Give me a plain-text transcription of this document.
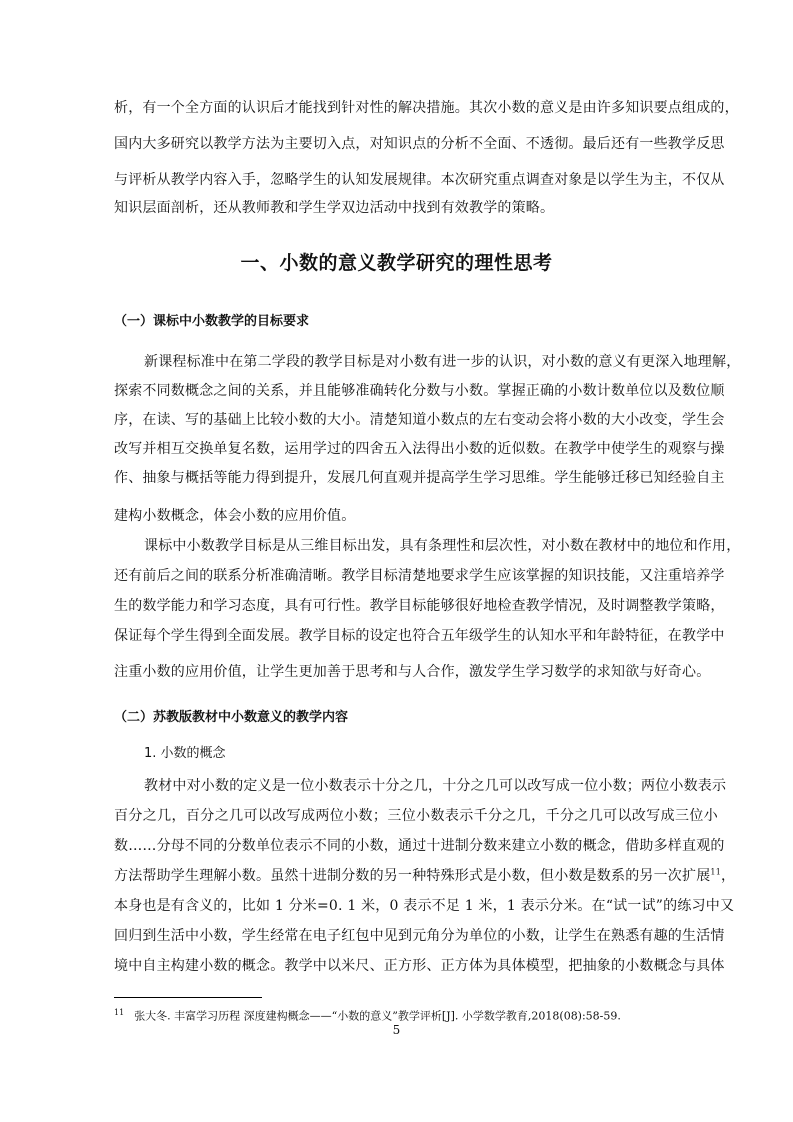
析，有一个全方面的认识后才能找到针对性的解决措施。其次小数的意义是由许多知识要点组成的，
国内大多研究以教学方法为主要切入点，对知识点的分析不全面、不透彻。最后还有一些教学反思
与评析从教学内容入手，忽略学生的认知发展规律。本次研究重点调查对象是以学生为主，不仅从
知识层面剖析，还从教师教和学生学双边活动中找到有效教学的策略。
一、小数的意义教学研究的理性思考
（一）课标中小数教学的目标要求
新课程标准中在第二学段的教学目标是对小数有进一步的认识，对小数的意义有更深入地理解，
探索不同数概念之间的关系，并且能够准确转化分数与小数。掌握正确的小数计数单位以及数位顺
序，在读、写的基础上比较小数的大小。清楚知道小数点的左右变动会将小数的大小改变，学生会
改写并相互交换单复名数，运用学过的四舍五入法得出小数的近似数。在教学中使学生的观察与操
作、抽象与概括等能力得到提升，发展几何直观并提高学生学习思维。学生能够迁移已知经验自主
建构小数概念，体会小数的应用价值。
课标中小数教学目标是从三维目标出发，具有条理性和层次性，对小数在教材中的地位和作用，
还有前后之间的联系分析准确清晰。教学目标清楚地要求学生应该掌握的知识技能，又注重培养学
生的数学能力和学习态度，具有可行性。教学目标能够很好地检查教学情况，及时调整教学策略，
保证每个学生得到全面发展。教学目标的设定也符合五年级学生的认知水平和年龄特征，在教学中
注重小数的应用价值，让学生更加善于思考和与人合作，激发学生学习数学的求知欲与好奇心。
（二）苏教版教材中小数意义的教学内容
1. 小数的概念
教材中对小数的定义是一位小数表示十分之几，十分之几可以改写成一位小数；两位小数表示
百分之几，百分之几可以改写成两位小数；三位小数表示千分之几，千分之几可以改写成三位小
数……分母不同的分数单位表示不同的小数，通过十进制分数来建立小数的概念，借助多样直观的
方法帮助学生理解小数。虽然十进制分数的另一种特殊形式是小数，但小数是数系的另一次扩展$^{11}$，
本身也是有含义的，比如 1 分米=0. 1 米，0 表示不足 1 米，1 表示分米。在“试一试”的练习中又
回归到生活中小数，学生经常在电子红包中见到元角分为单位的小数，让学生在熟悉有趣的生活情
境中自主构建小数的概念。教学中以米尺、正方形、正方体为具体模型，把抽象的小数概念与具体
$^{11}$ 张大冬. 丰富学习历程 深度建构概念——“小数的意义”教学评析[J]. 小学数学教育,2018(08):58-59.
5
